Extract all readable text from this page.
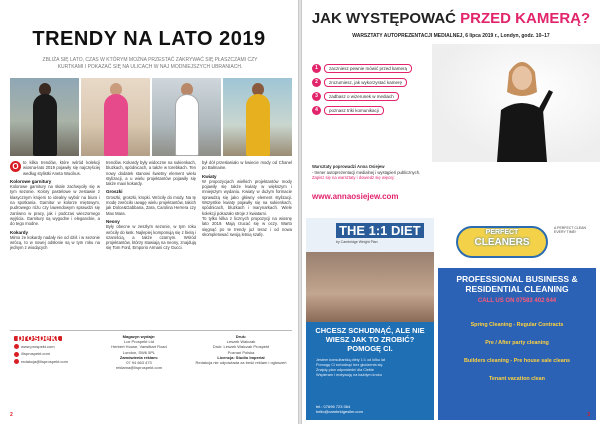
TRENDY NA LATO 2019
ZBLIŻA SIĘ LATO, CZAS W KTÓRYM MOŻNA PRZESTAĆ ZAKRYWAĆ SIĘ PŁASZCZAMI CZY KURTKAMI I POKAZAĆ SIĘ NA ULICACH W NAJ MODNIEJSZYCH UBRANIACH.
O	to kilka trendów, które wśród kolekcji wiosna-lato 2019 pojawiły się najczęściej według stylistki Aneta Wucikus.
Kolorowe garnitury
Kolorowe garnitury na skale zachwyciły się w tym sezonie. Kolory pastelowe w zestawie z klasycznym krojem to idealny wybór na biuro i na spotkania. Garnitur w kolorze miętowym, pudrowego różu czy lawendowym sprawdzi się zarówno w pracy, jak i podczas wieczornego wyjścia. Garnitury są wygodne i eleganckie, a do tego modne.
Kokardy
Mimo że kokardy nadały nie od dziś i w sezonie wrócą, to w nowej odsłonie są w tym roku na jednym z wiodących
trendów. Kokardy były widoczne na sukienkach, bluzkach, spódnicach, a także w torebkach. Ten nowy dodatek stanowi świetny element wielu stylizacji, a u wielu projektantów pojawiły się także maxi kokardy.
Groszki
Groszki, groszki, kropki. Wróciły do mody. Na tę modę zwróciło uwagę wielu projektantów, takich jak Dolce&Gabbana, Zara, Carolina Herrera czy Max Mara.
Neony
Były obecne w zeszłym sezonie, w tym roku wróciły do łask. Najlepiej komponują się z bielą i szarością, a także czarnym. Wśród projektantów, którzy stawiają na neony, znajdują się Tom Ford, Emporio Armani czy Gucci.
był dół przesłaniało w kwiecie mody od Chanel po Balmaine.
Kwiaty
W propozycjach wielkich projektantów mody pojawiły się także kwiaty w większym i mniejszym wydaniu. Kwiaty w dużym formacie sprawdzą się jako główny element stylizacji. Wszystkie kwiaty pojawiły się na sukienkach, spódnicach, bluzkach i marynarkach. Wiele kolekcji pokazało stroje z kwiatami.
To tylko kilka z licznych propozycji na wiosnę lato 2019. Mają rzucać się w oczy. Warto sięgnąć po te trendy już teraz i od nowa skompletować swoją letnią szafę.
prospekt
www.prospekt.com
/lisprospekt.com
redakcja@lisprospekt.com
Magazyn wydaje:
Lux Prospekt Ltd
Herbert House, Vansittart Road
London, SW6 5PL
Zamówienia reklam:
07 94 663 473
reklama@lisprospekt.com
Druk:
Leszek Walczak
Druk: Leszek Walczak Prospekt
Poznań Polska
Licencja: Studio Imperial
Redakcja nie odpowiada za treść reklam i ogłoszeń
2
JAK WYSTĘPOWAĆ PRZED KAMERĄ?
WARSZTATY AUTOPREZENTACJI MEDIALNEJ, 6 lipca 2019 r., Londyn, godz. 10–17
1	zaczniesz pewnie mówić przed kamerą
2	zrozumiesz, jak wykorzystać kamerę
3	zadbasz o wizerunek w mediach
4	poznasz triki komunikacji
Warsztaty poprowadzi Anna Osiejew
- trener autoprezentacji medialnej i wystąpień publicznych.
Zapisz się na warsztaty i dowiedz się więcej:
www.annaosiejew.com
THE 1:1 DIET
by Cambridge Weight Plan
CHCESZ SCHUDNĄĆ, ALE NIE WIESZ JAK TO ZROBIĆ? POMOGĘ CI.
Jestem konsultantką diety 1:1 od kilku lat
Pomogę Ci schudnąć bez głodzenia się
Znajdę plan odpowiedni dla Ciebie
Wspieram i motywuję na każdym kroku
tel.: 07696 723 064
hello@cambridgeslim.com
PERFECT
CLEANERS
A PERFECT CLEAN EVERY TIME!
PROFESSIONAL BUSINESS & RESIDENTIAL CLEANING
CALL US ON 07583 402 644
Spring Cleaning - Regular Contracts
Pre / After party cleaning
Builders cleaning - Pre house sale cleans
Tenant vacation clean
3
